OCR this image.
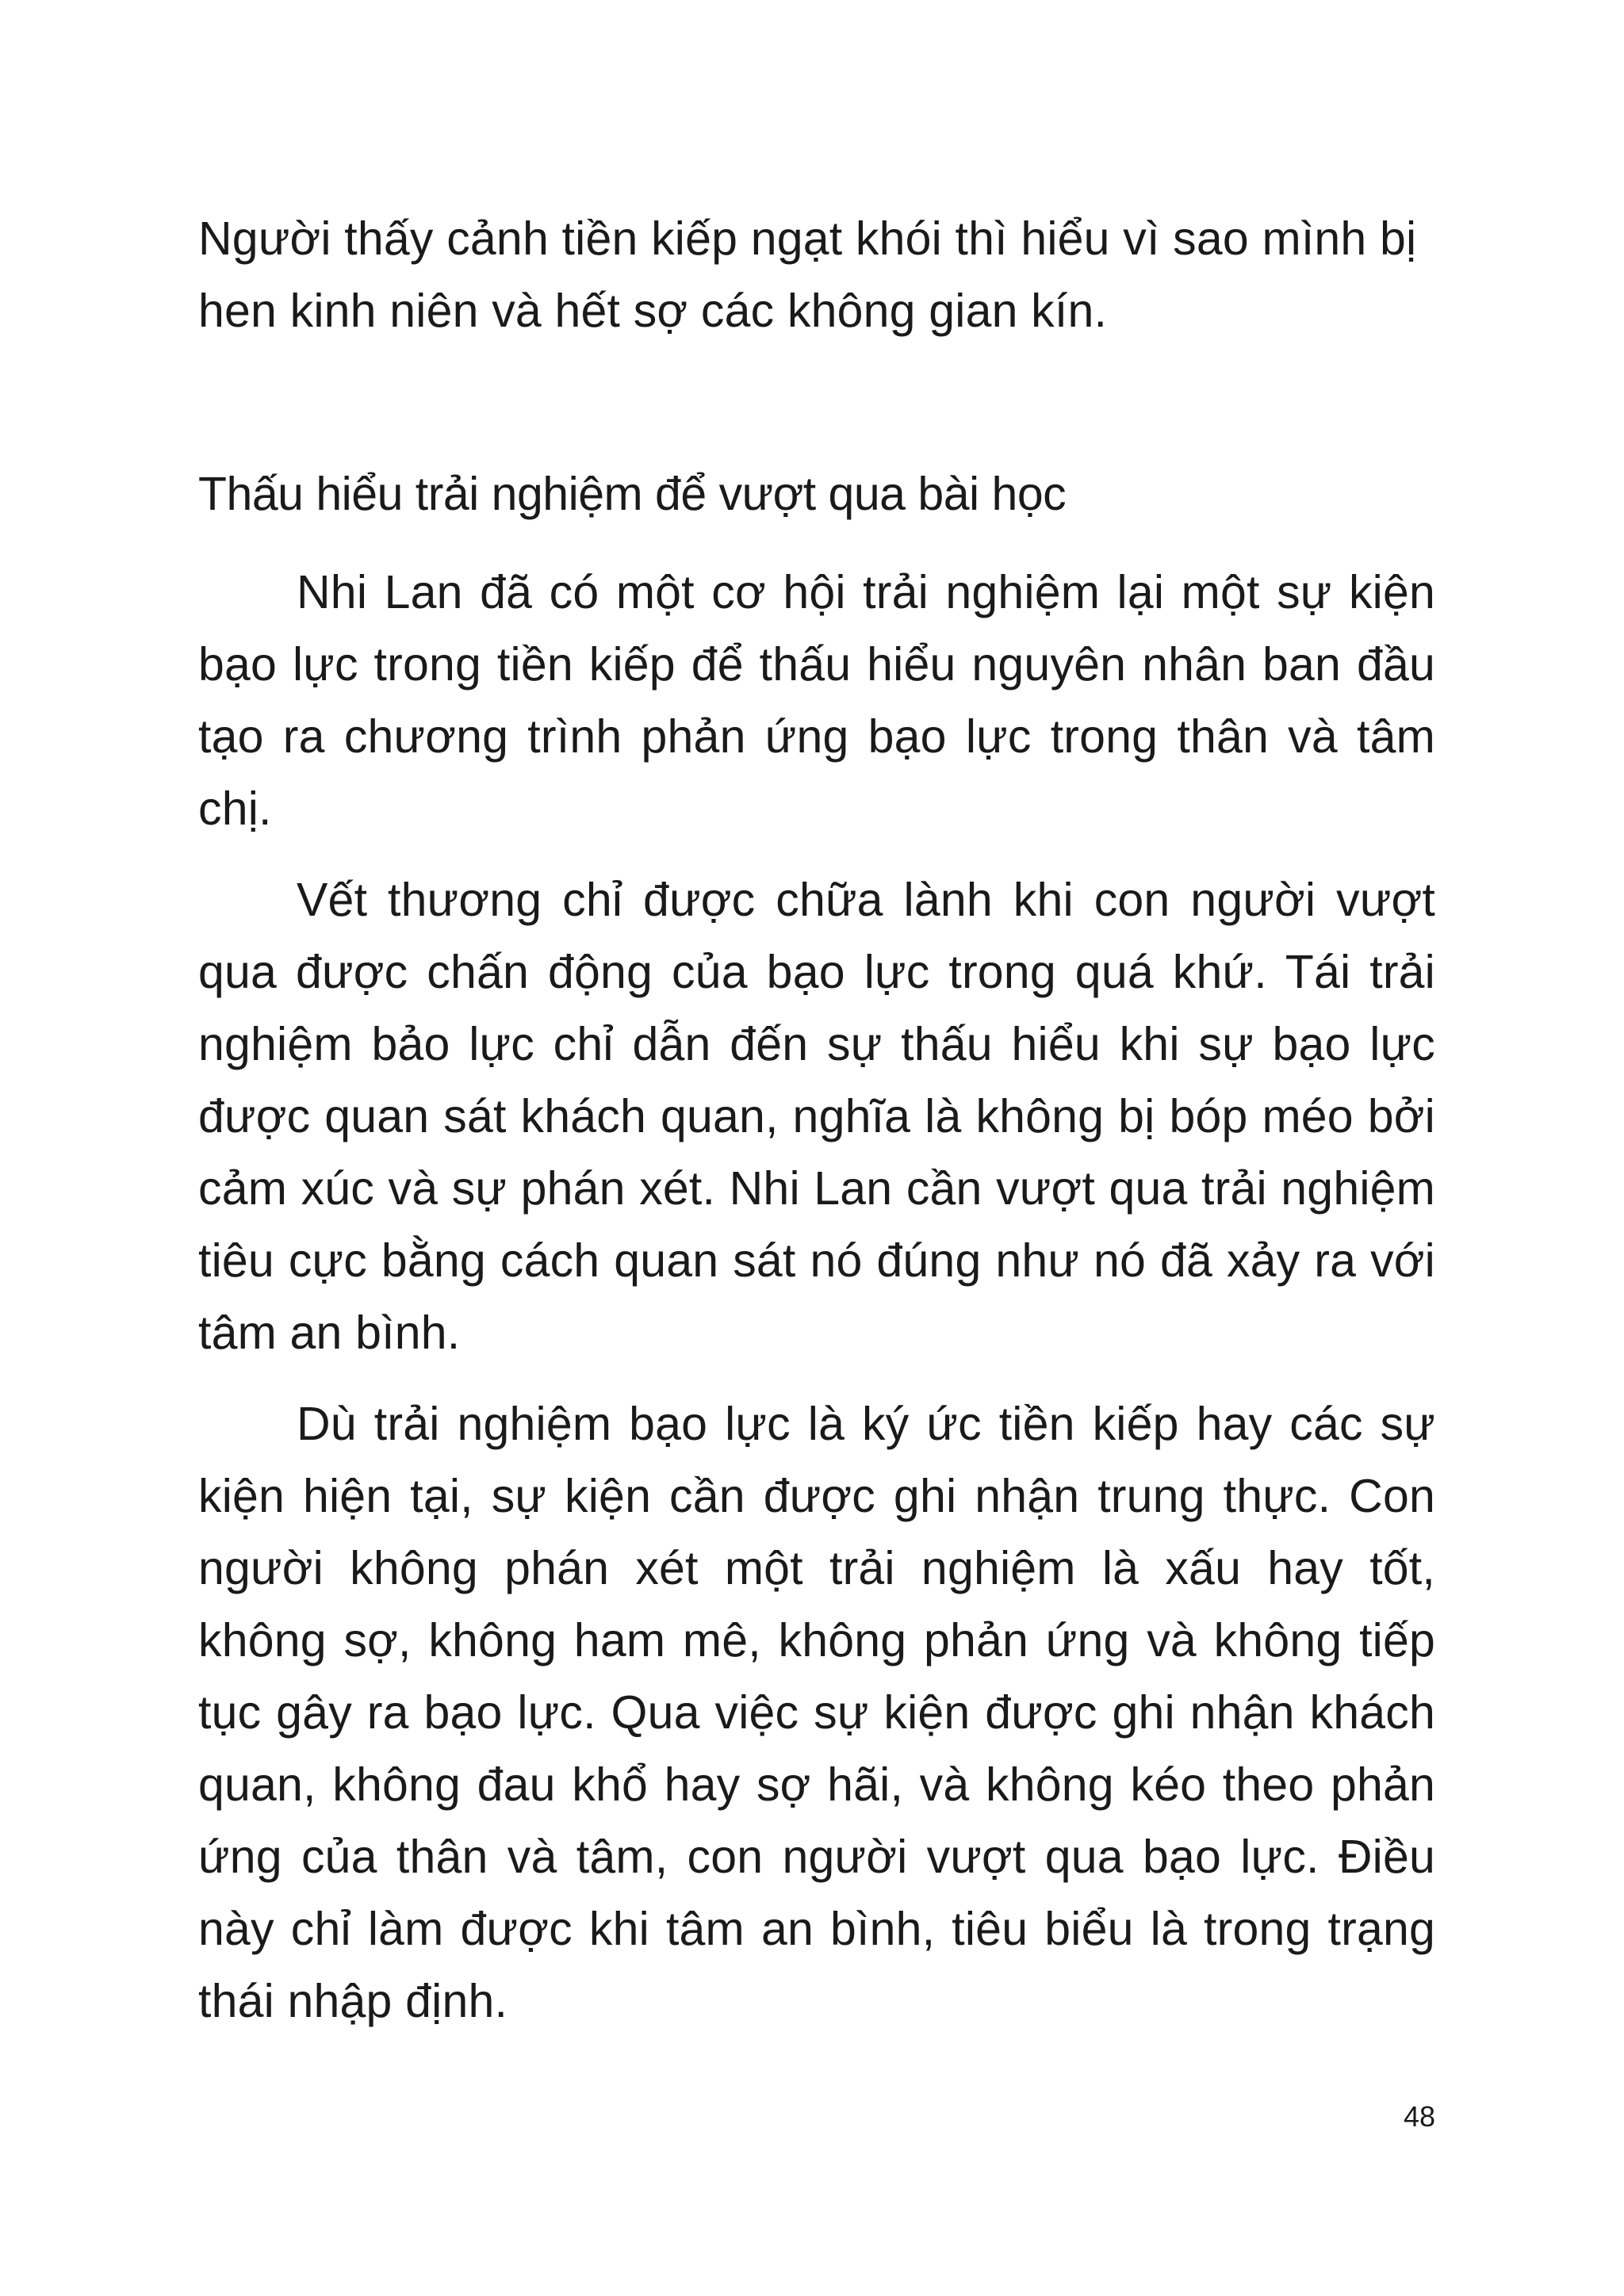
Người thấy cảnh tiền kiếp ngạt khói thì hiểu vì sao mình bị hen kinh niên và hết sợ các không gian kín.

Thấu hiểu trải nghiệm để vượt qua bài học

Nhi Lan đã có một cơ hội trải nghiệm lại một sự kiện bạo lực trong tiền kiếp để thấu hiểu nguyên nhân ban đầu tạo ra chương trình phản ứng bạo lực trong thân và tâm chị.

Vết thương chỉ được chữa lành khi con người vượt qua được chấn động của bạo lực trong quá khứ. Tái trải nghiệm bảo lực chỉ dẫn đến sự thấu hiểu khi sự bạo lực được quan sát khách quan, nghĩa là không bị bóp méo bởi cảm xúc và sự phán xét. Nhi Lan cần vượt qua trải nghiệm tiêu cực bằng cách quan sát nó đúng như nó đã xảy ra với tâm an bình.

Dù trải nghiệm bạo lực là ký ức tiền kiếp hay các sự kiện hiện tại, sự kiện cần được ghi nhận trung thực. Con người không phán xét một trải nghiệm là xấu hay tốt, không sợ, không ham mê, không phản ứng và không tiếp tục gây ra bạo lực. Qua việc sự kiện được ghi nhận khách quan, không đau khổ hay sợ hãi, và không kéo theo phản ứng của thân và tâm, con người vượt qua bạo lực. Điều này chỉ làm được khi tâm an bình, tiêu biểu là trong trạng thái nhập định.

48
